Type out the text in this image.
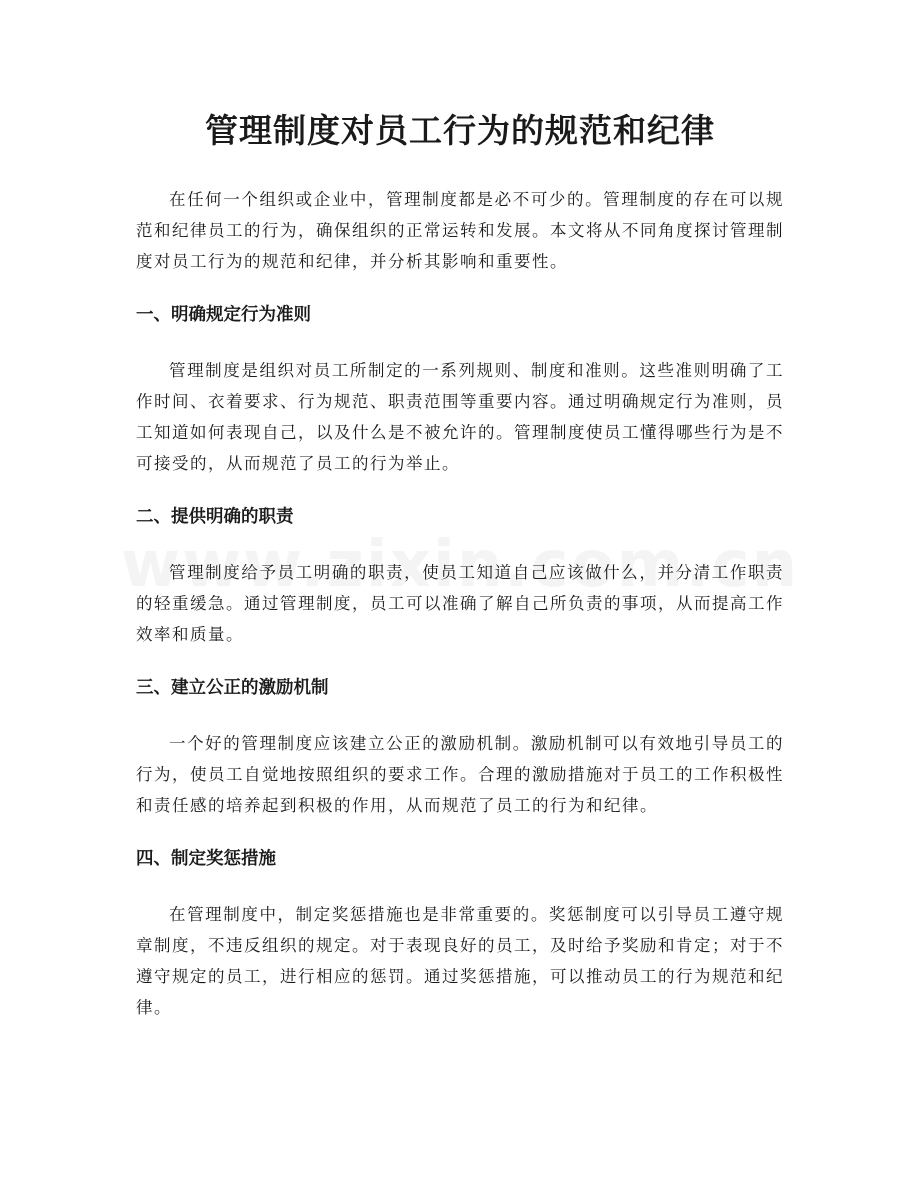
管理制度对员工行为的规范和纪律

在任何一个组织或企业中，管理制度都是必不可少的。管理制度的存在可以规范和纪律员工的行为，确保组织的正常运转和发展。本文将从不同角度探讨管理制度对员工行为的规范和纪律，并分析其影响和重要性。

一、明确规定行为准则

管理制度是组织对员工所制定的一系列规则、制度和准则。这些准则明确了工作时间、衣着要求、行为规范、职责范围等重要内容。通过明确规定行为准则，员工知道如何表现自己，以及什么是不被允许的。管理制度使员工懂得哪些行为是不可接受的，从而规范了员工的行为举止。

二、提供明确的职责

管理制度给予员工明确的职责，使员工知道自己应该做什么，并分清工作职责的轻重缓急。通过管理制度，员工可以准确了解自己所负责的事项，从而提高工作效率和质量。

三、建立公正的激励机制

一个好的管理制度应该建立公正的激励机制。激励机制可以有效地引导员工的行为，使员工自觉地按照组织的要求工作。合理的激励措施对于员工的工作积极性和责任感的培养起到积极的作用，从而规范了员工的行为和纪律。

四、制定奖惩措施

在管理制度中，制定奖惩措施也是非常重要的。奖惩制度可以引导员工遵守规章制度，不违反组织的规定。对于表现良好的员工，及时给予奖励和肯定；对于不遵守规定的员工，进行相应的惩罚。通过奖惩措施，可以推动员工的行为规范和纪律。
